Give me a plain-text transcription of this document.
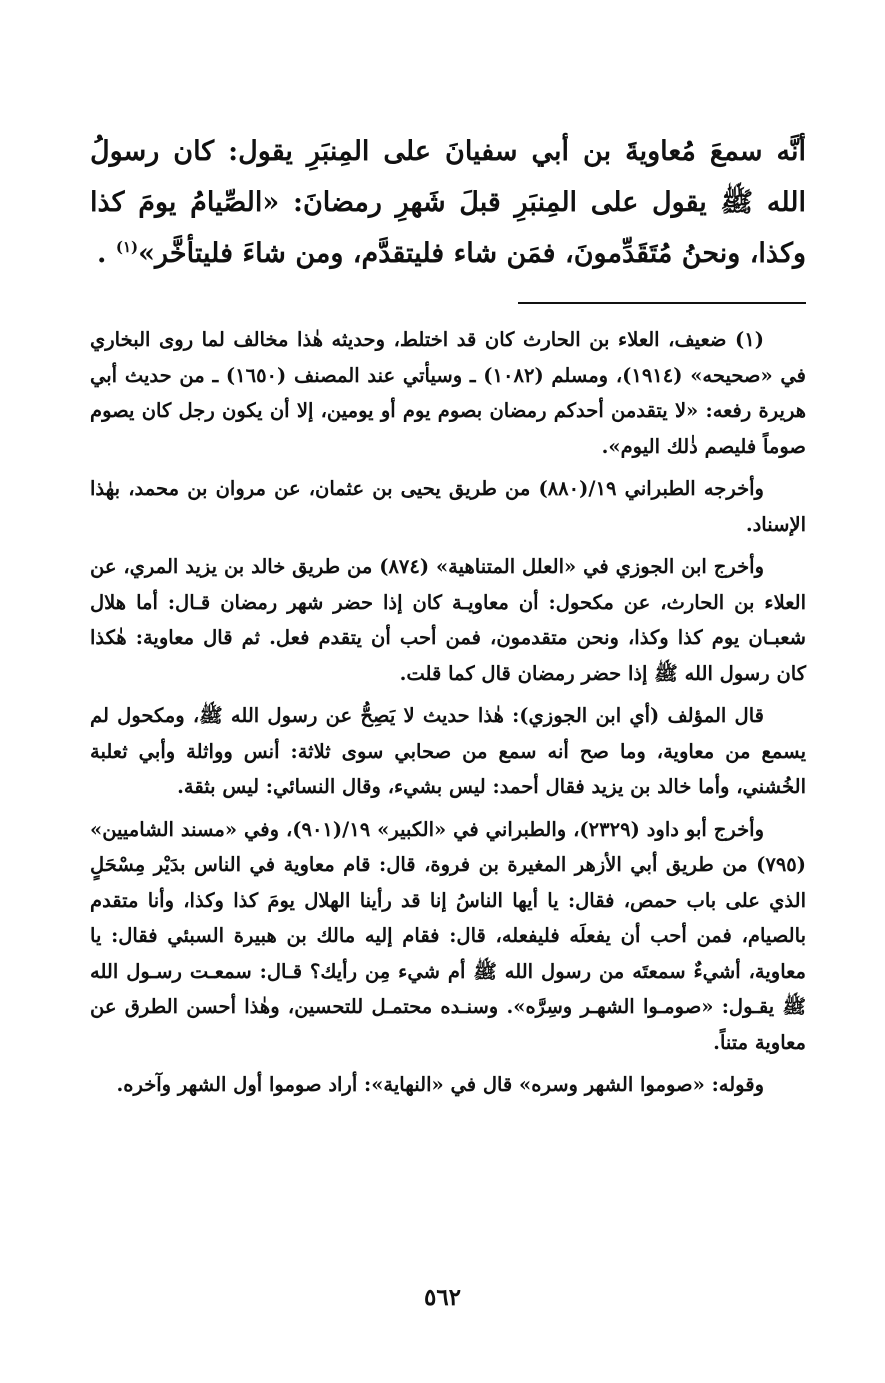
أنَّه سمعَ مُعاويةَ بن أبي سفيانَ على المِنبَرِ يقول: كان رسولُ الله ﷺ يقول على المِنبَرِ قبلَ شَهرِ رمضانَ: «الصِّيامُ يومَ كذا وكذا، ونحنُ مُتَقَدِّمونَ، فمَن شاء فليتقدَّم، ومن شاءَ فليتأخَّر»$^{(١)}$ .

(١) ضعيف، العلاء بن الحارث كان قد اختلط، وحديثه هٰذا مخالف لما روى البخاري في «صحيحه» (١٩١٤)، ومسلم (١٠٨٢) ـ وسيأتي عند المصنف (١٦٥٠) ـ من حديث أبي هريرة رفعه: «لا يتقدمن أحدكم رمضان بصوم يوم أو يومين، إلا أن يكون رجل كان يصوم صوماً فليصم ذٰلك اليوم».

وأخرجه الطبراني ١٩/(٨٨٠) من طريق يحيى بن عثمان، عن مروان بن محمد، بهٰذا الإسناد.

وأخرج ابن الجوزي في «العلل المتناهية» (٨٧٤) من طريق خالد بن يزيد المري، عن العلاء بن الحارث، عن مكحول: أن معاويـة كان إذا حضر شهر رمضان قـال: أما هلال شعبـان يوم كذا وكذا، ونحن متقدمون، فمن أحب أن يتقدم فعل. ثم قال معاوية: هٰكذا كان رسول الله ﷺ إذا حضر رمضان قال كما قلت.

قال المؤلف (أي ابن الجوزي): هٰذا حديث لا يَصِحُّ عن رسول الله ﷺ، ومكحول لم يسمع من معاوية، وما صح أنه سمع من صحابي سوى ثلاثة: أنس وواثلة وأبي ثعلبة الخُشني، وأما خالد بن يزيد فقال أحمد: ليس بشيء، وقال النسائي: ليس بثقة.

وأخرج أبو داود (٢٣٢٩)، والطبراني في «الكبير» ١٩/(٩٠١)، وفي «مسند الشاميين» (٧٩٥) من طريق أبي الأزهر المغيرة بن فروة، قال: قام معاوية في الناس بدَيْر مِسْحَلٍ الذي على باب حمص، فقال: يا أيها الناسُ إنا قد رأينا الهلال يومَ كذا وكذا، وأنا متقدم بالصيام، فمن أحب أن يفعلَه فليفعله، قال: فقام إليه مالك بن هبيرة السبئي فقال: يا معاوية، أشيءٌ سمعتَه من رسول الله ﷺ أم شيء مِن رأيك؟ قـال: سمعـت رسـول الله ﷺ يقـول: «صومـوا الشهـر وسِرَّه». وسنـده محتمـل للتحسين، وهٰذا أحسن الطرق عن معاوية متناً.

وقوله: «صوموا الشهر وسره» قال في «النهاية»: أراد صوموا أول الشهر وآخره.

٥٦٢
